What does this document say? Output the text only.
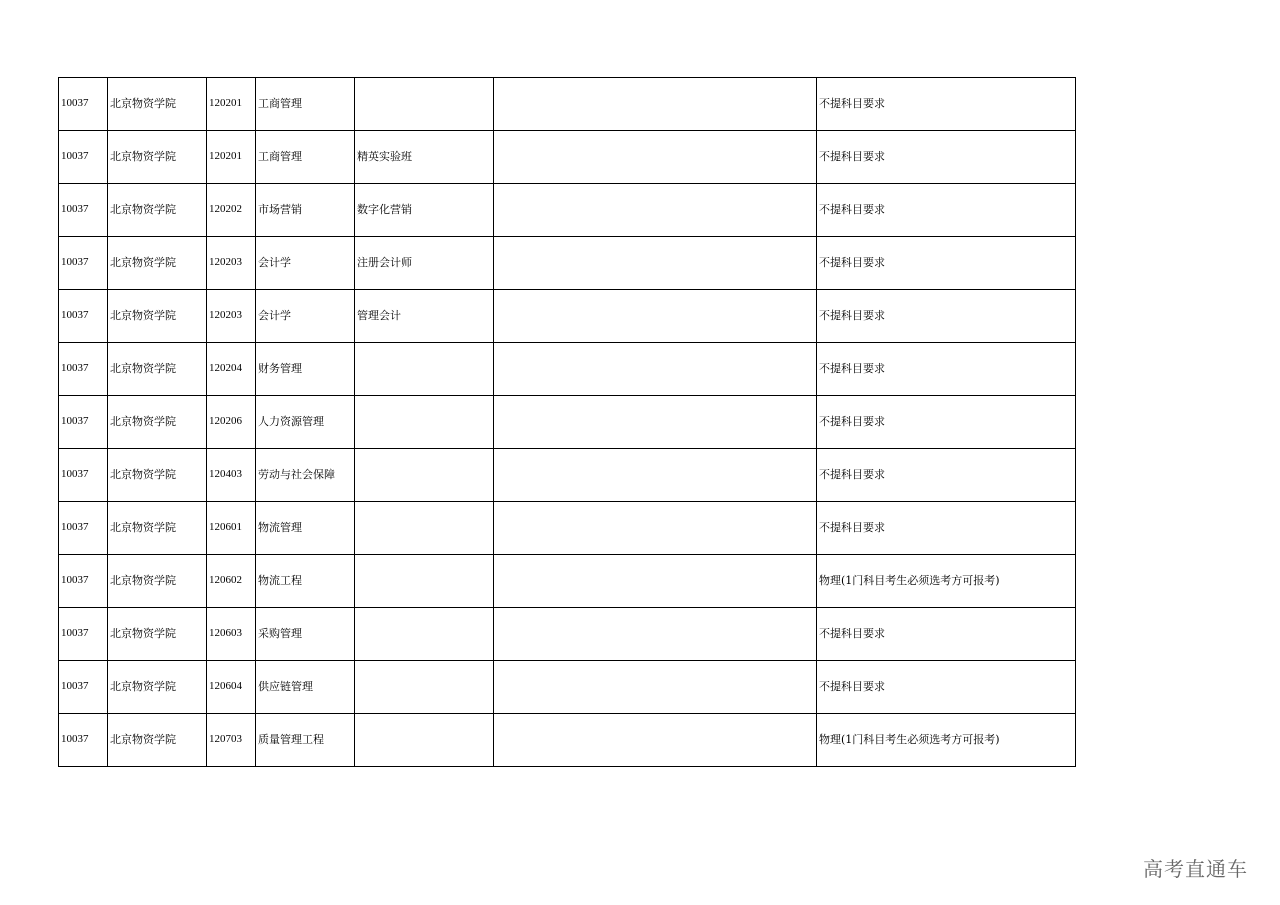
10037	北京物资学院	120201	工商管理			不提科目要求
10037	北京物资学院	120201	工商管理	精英实验班		不提科目要求
10037	北京物资学院	120202	市场营销	数字化营销		不提科目要求
10037	北京物资学院	120203	会计学	注册会计师		不提科目要求
10037	北京物资学院	120203	会计学	管理会计		不提科目要求
10037	北京物资学院	120204	财务管理			不提科目要求
10037	北京物资学院	120206	人力资源管理			不提科目要求
10037	北京物资学院	120403	劳动与社会保障			不提科目要求
10037	北京物资学院	120601	物流管理			不提科目要求
10037	北京物资学院	120602	物流工程			物理(1门科目考生必须选考方可报考)
10037	北京物资学院	120603	采购管理			不提科目要求
10037	北京物资学院	120604	供应链管理			不提科目要求
10037	北京物资学院	120703	质量管理工程			物理(1门科目考生必须选考方可报考)
高考直通车
